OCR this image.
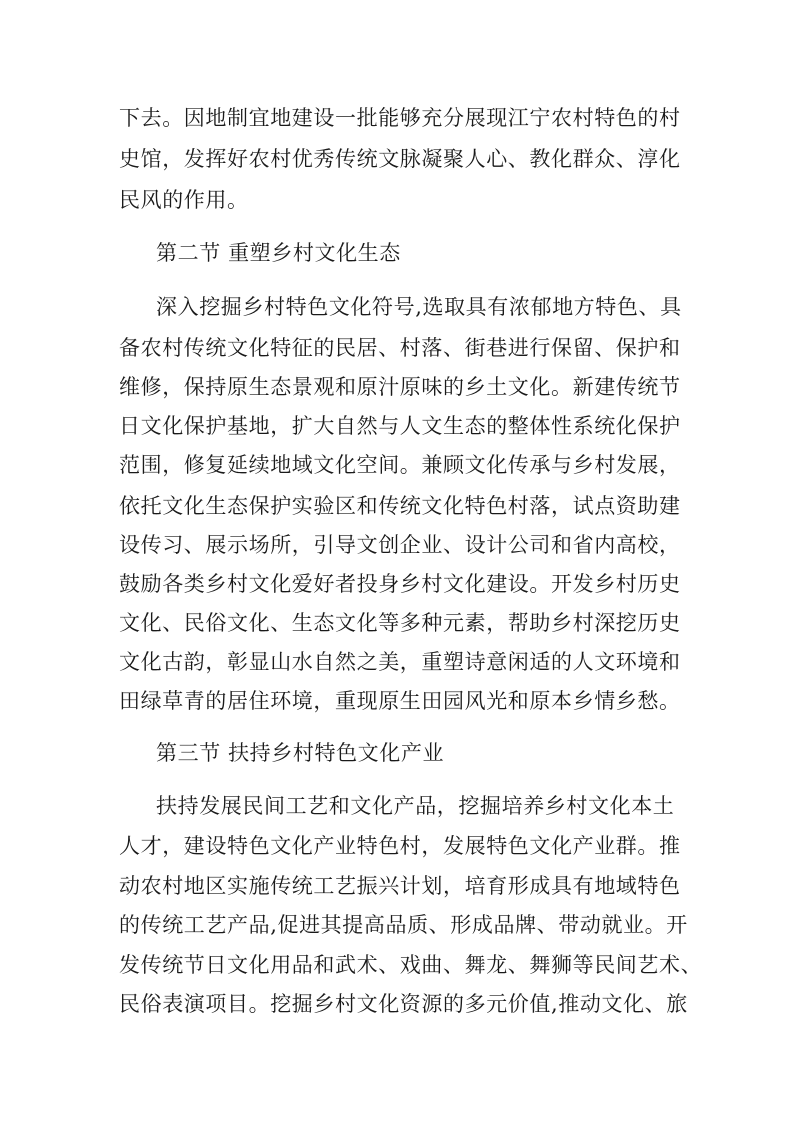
下去。因地制宜地建设一批能够充分展现江宁农村特色的村
史馆，发挥好农村优秀传统文脉凝聚人心、教化群众、淳化
民风的作用。
第二节 重塑乡村文化生态
深入挖掘乡村特色文化符号,选取具有浓郁地方特色、具
备农村传统文化特征的民居、村落、街巷进行保留、保护和
维修，保持原生态景观和原汁原味的乡土文化。新建传统节
日文化保护基地，扩大自然与人文生态的整体性系统化保护
范围，修复延续地域文化空间。兼顾文化传承与乡村发展，
依托文化生态保护实验区和传统文化特色村落，试点资助建
设传习、展示场所，引导文创企业、设计公司和省内高校，
鼓励各类乡村文化爱好者投身乡村文化建设。开发乡村历史
文化、民俗文化、生态文化等多种元素，帮助乡村深挖历史
文化古韵，彰显山水自然之美，重塑诗意闲适的人文环境和
田绿草青的居住环境，重现原生田园风光和原本乡情乡愁。
第三节 扶持乡村特色文化产业
扶持发展民间工艺和文化产品，挖掘培养乡村文化本土
人才，建设特色文化产业特色村，发展特色文化产业群。推
动农村地区实施传统工艺振兴计划，培育形成具有地域特色
的传统工艺产品,促进其提高品质、形成品牌、带动就业。开
发传统节日文化用品和武术、戏曲、舞龙、舞狮等民间艺术、
民俗表演项目。挖掘乡村文化资源的多元价值,推动文化、旅
